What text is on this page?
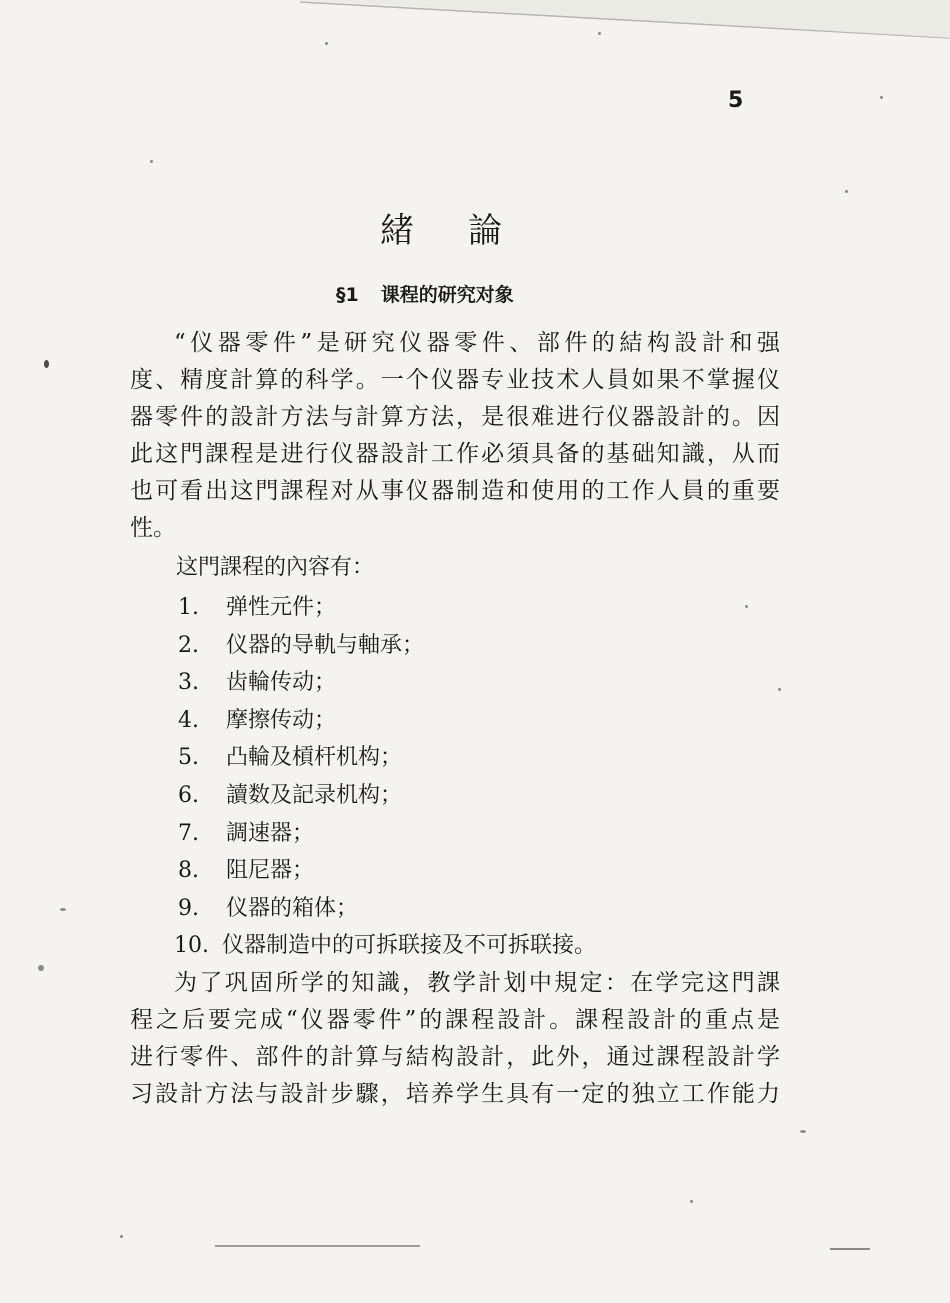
5
緒論
§1 课程的研究对象
“仪器零件”是研究仪器零件、部件的結构設計和强
度、精度計算的科学。一个仪器专业技术人員如果不掌握仪
器零件的設計方法与計算方法，是很难进行仪器設計的。因
此这門課程是进行仪器設計工作必須具备的基础知識，从而
也可看出这門課程对从事仪器制造和使用的工作人員的重要
性。
这門課程的內容有：
1. 弹性元件；
2. 仪器的导軌与軸承；
3. 齿輪传动；
4. 摩擦传动；
5. 凸輪及槓杆机构；
6. 讀数及記录机构；
7. 調速器；
8. 阻尼器；
9. 仪器的箱体；
10. 仪器制造中的可拆联接及不可拆联接。
为了巩固所学的知識，教学計划中規定：在学完这門課
程之后要完成“仪器零件”的課程設計。課程設計的重点是
进行零件、部件的計算与結构設計，此外，通过課程設計学
习設計方法与設計步驟，培养学生具有一定的独立工作能力
